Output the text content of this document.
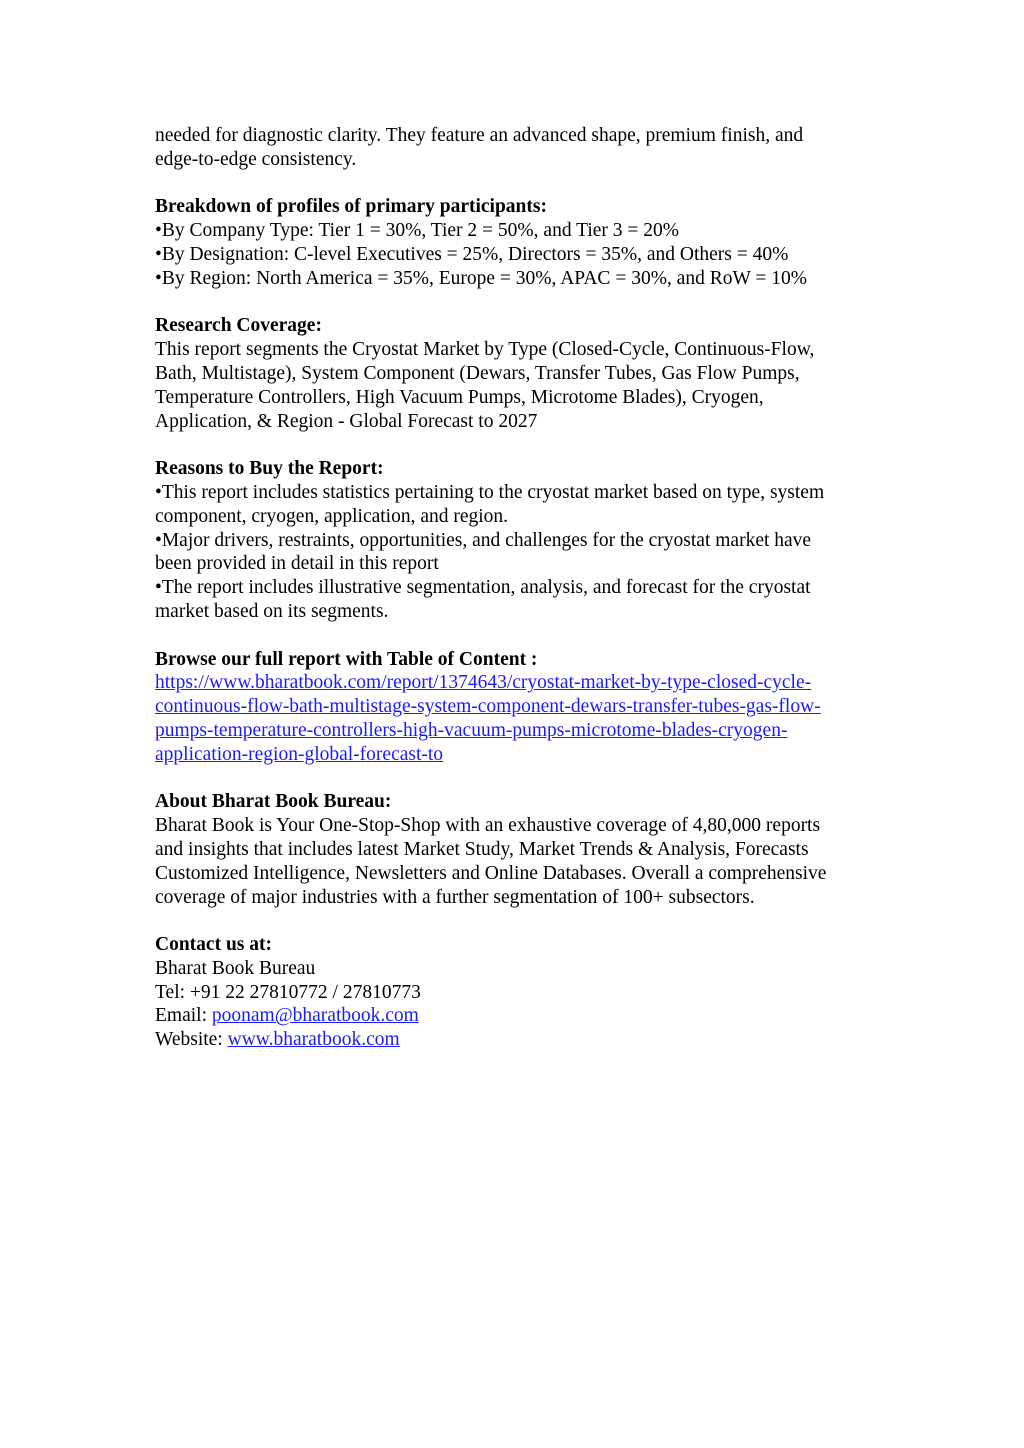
needed for diagnostic clarity. They feature an advanced shape, premium finish, and

edge-to-edge consistency.

Breakdown of profiles of primary participants:

•By Company Type: Tier 1 = 30%, Tier 2 = 50%, and Tier 3 = 20%

•By Designation: C-level Executives = 25%, Directors = 35%, and Others = 40%

•By Region: North America = 35%, Europe = 30%, APAC = 30%, and RoW = 10%

Research Coverage:

This report segments the Cryostat Market by Type (Closed-Cycle, Continuous-Flow,

Bath, Multistage), System Component (Dewars, Transfer Tubes, Gas Flow Pumps,

Temperature Controllers, High Vacuum Pumps, Microtome Blades), Cryogen,

Application, & Region - Global Forecast to 2027

Reasons to Buy the Report:

•This report includes statistics pertaining to the cryostat market based on type, system

component, cryogen, application, and region.

•Major drivers, restraints, opportunities, and challenges for the cryostat market have

been provided in detail in this report

•The report includes illustrative segmentation, analysis, and forecast for the cryostat

market based on its segments.

Browse our full report with Table of Content :

https://www.bharatbook.com/report/1374643/cryostat-market-by-type-closed-cycle-
continuous-flow-bath-multistage-system-component-dewars-transfer-tubes-gas-flow-
pumps-temperature-controllers-high-vacuum-pumps-microtome-blades-cryogen-
application-region-global-forecast-to

About Bharat Book Bureau:

Bharat Book is Your One-Stop-Shop with an exhaustive coverage of 4,80,000 reports

and insights that includes latest Market Study, Market Trends & Analysis, Forecasts

Customized Intelligence, Newsletters and Online Databases. Overall a comprehensive

coverage of major industries with a further segmentation of 100+ subsectors.

Contact us at:

Bharat Book Bureau

Tel: +91 22 27810772 / 27810773

Email: poonam@bharatbook.com

Website: www.bharatbook.com
